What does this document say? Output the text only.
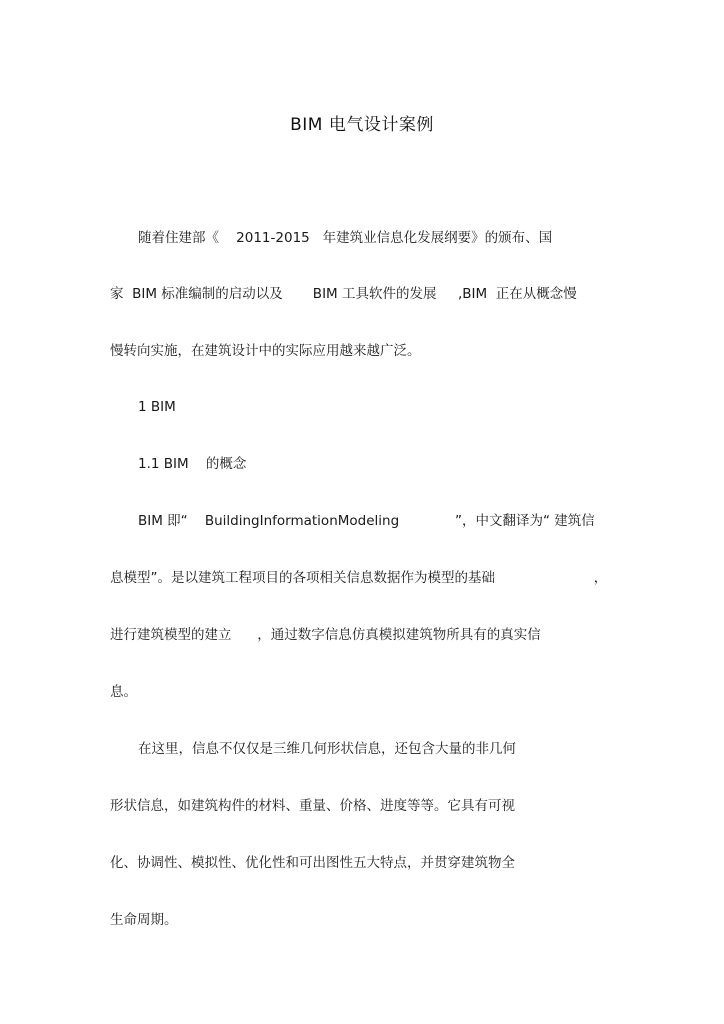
BIM 电气设计案例
随着住建部《    2011-2015   年建筑业信息化发展纲要》的颁布、国
家  BIM 标准编制的启动以及       BIM 工具软件的发展     ,BIM  正在从概念慢
慢转向实施，在建筑设计中的实际应用越来越广泛。
1 BIM
1.1 BIM    的概念
BIM 即“    BuildingInformationModeling             ”，中文翻译为“ 建筑信
息模型”。是以建筑工程项目的各项相关信息数据作为模型的基础                       ，
进行建筑模型的建立      ，通过数字信息仿真模拟建筑物所具有的真实信
息。
在这里，信息不仅仅是三维几何形状信息，还包含大量的非几何
形状信息，如建筑构件的材料、重量、价格、进度等等。它具有可视
化、协调性、模拟性、优化性和可出图性五大特点，并贯穿建筑物全
生命周期。
